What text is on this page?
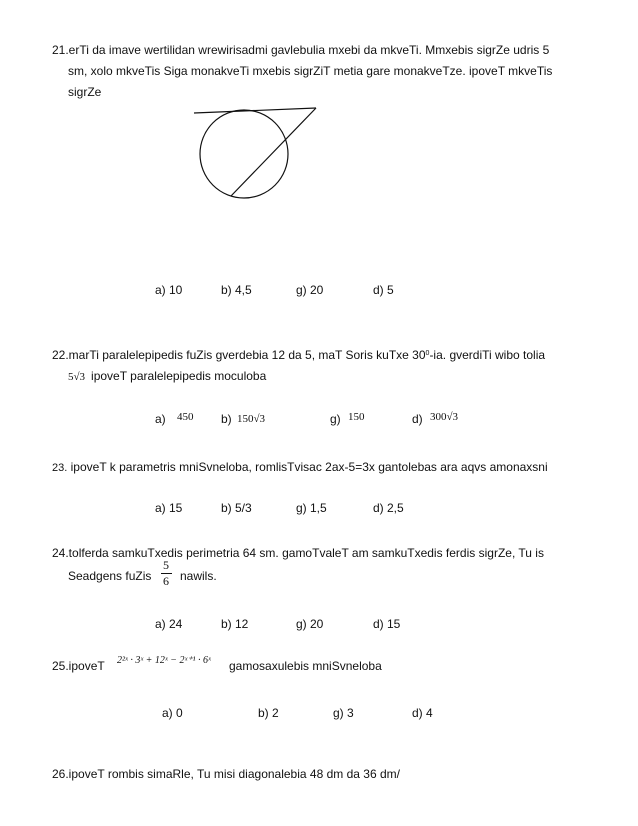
21.erTi da imave wertilidan wrewirisadmi gavlebulia mxebi da mkveTi. Mmxebis sigrZe udris 5
sm, xolo mkveTis Siga monakveTi mxebis sigrZiT metia gare monakveTze. ipoveT mkveTis
sigrZe
a) 10	b) 4,5	g) 20	d) 5
22.marTi paralelepipedis fuZis gverdebia 12 da 5, maT Soris kuTxe $30^0-ia$. gverdiTi wibo tolia
5√3 ipoveT paralelepipedis moculoba
a) 450 b) 150√3	g) 150	d) 300√3
23. ipoveT k parametris mniSvneloba, romlisTvisac 2ax-5=3x gantolebas ara aqvs amonaxsni
a) 15	b) 5/3	g) 1,5	d) 2,5
24.tolferda samkuTxedis perimetria 64 sm. gamoTvaleT am samkuTxedis ferdis sigrZe, Tu is
Seadgens fuZis
5
6 nawils.
a) 24	b) 12	g) 20	d) 15
25.ipoveT 2²ˣ · 3ˣ + 12ˣ − 2ˣ⁺¹ · 6ˣ gamosaxulebis mniSvneloba
a) 0	b) 2	g) 3	d) 4
26.ipoveT rombis simaRle, Tu misi diagonalebia 48 dm da 36 dm/
